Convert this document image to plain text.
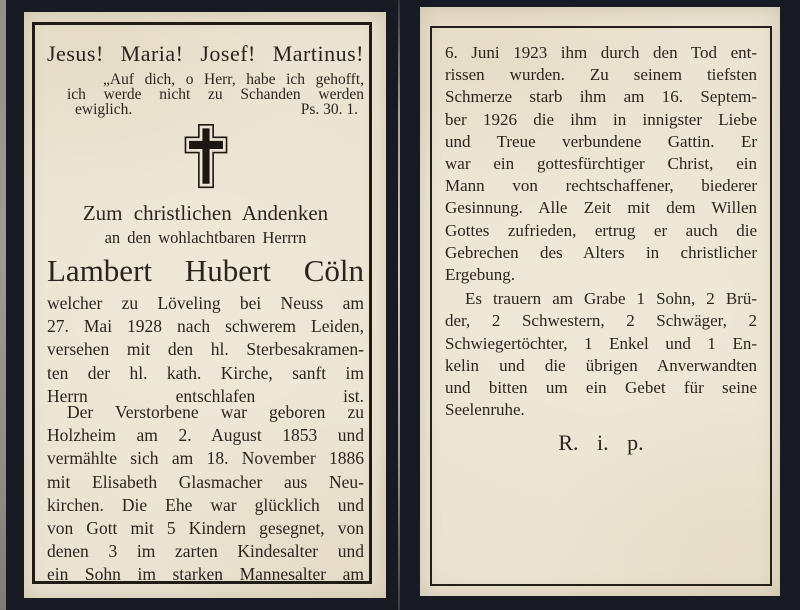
Jesus! Maria! Josef! Martinus!
„Auf dich, o Herr, habe ich gehofft,
ich werde nicht zu Schanden werden
ewiglich.	Ps. 30. 1.
Zum christlichen Andenken
an den wohlachtbaren Herrrn
Lambert Hubert Cöln
welcher zu Löveling bei Neuss am
27. Mai 1928 nach schwerem Leiden,
versehen mit den hl. Sterbesakramen-
ten der hl. kath. Kirche, sanft im
Herrn entschlafen ist.
Der Verstorbene war geboren zu
Holzheim am 2. August 1853 und
vermählte sich am 18. November 1886
mit Elisabeth Glasmacher aus Neu-
kirchen. Die Ehe war glücklich und
von Gott mit 5 Kindern gesegnet, von
denen 3 im zarten Kindesalter und
ein Sohn im starken Mannesalter am
6. Juni 1923 ihm durch den Tod ent-
rissen wurden. Zu seinem tiefsten
Schmerze starb ihm am 16. Septem-
ber 1926 die ihm in innigster Liebe
und Treue verbundene Gattin. Er
war ein gottesfürchtiger Christ, ein
Mann von rechtschaffener, biederer
Gesinnung. Alle Zeit mit dem Willen
Gottes zufrieden, ertrug er auch die
Gebrechen des Alters in christlicher
Ergebung.
Es trauern am Grabe 1 Sohn, 2 Brü-
der, 2 Schwestern, 2 Schwäger, 2
Schwiegertöchter, 1 Enkel und 1 En-
kelin und die übrigen Anverwandten
und bitten um ein Gebet für seine
Seelenruhe.
R. i. p.
